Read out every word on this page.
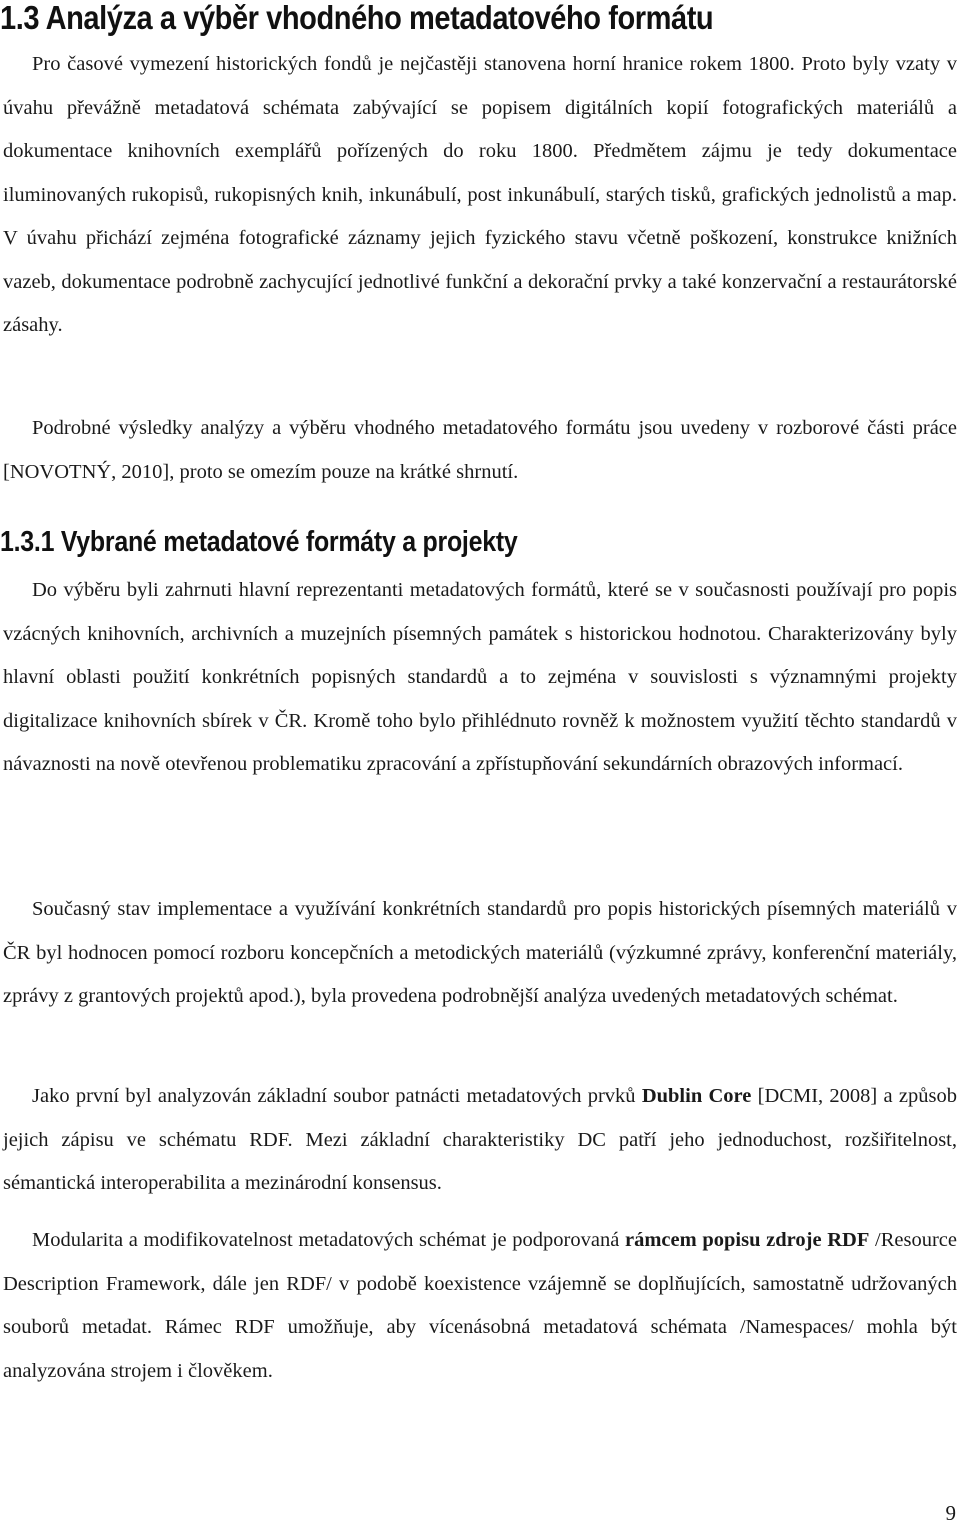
1.3 Analýza a výběr vhodného metadatového formátu

Pro časové vymezení historických fondů je nejčastěji stanovena horní hranice rokem 1800. Proto byly vzaty v úvahu převážně metadatová schémata zabývající se popisem digitálních kopií fotografických materiálů a dokumentace knihovních exemplářů pořízených do roku 1800. Předmětem zájmu je tedy dokumentace iluminovaných rukopisů, rukopisných knih, inkunábulí, post inkunábulí, starých tisků, grafických jednolistů a map. V úvahu přichází zejména fotografické záznamy jejich fyzického stavu včetně poškození, konstrukce knižních vazeb, dokumentace podrobně zachycující jednotlivé funkční a dekorační prvky a také konzervační a restaurátorské zásahy.

Podrobné výsledky analýzy a výběru vhodného metadatového formátu jsou uvedeny v rozborové části práce [NOVOTNÝ, 2010], proto se omezím pouze na krátké shrnutí.

1.3.1 Vybrané metadatové formáty a projekty

Do výběru byli zahrnuti hlavní reprezentanti metadatových formátů, které se v současnosti používají pro popis vzácných knihovních, archivních a muzejních písemných památek s historickou hodnotou. Charakterizovány byly hlavní oblasti použití konkrétních popisných standardů a to zejména v souvislosti s významnými projekty digitalizace knihovních sbírek v ČR. Kromě toho bylo přihlédnuto rovněž k možnostem využití těchto standardů v návaznosti na nově otevřenou problematiku zpracování a zpřístupňování sekundárních obrazových informací.

Současný stav implementace a využívání konkrétních standardů pro popis historických písemných materiálů v ČR byl hodnocen pomocí rozboru koncepčních a metodických materiálů (výzkumné zprávy, konferenční materiály, zprávy z grantových projektů apod.), byla provedena podrobnější analýza uvedených metadatových schémat.

Jako první byl analyzován základní soubor patnácti metadatových prvků Dublin Core [DCMI, 2008] a způsob jejich zápisu ve schématu RDF. Mezi základní charakteristiky DC patří jeho jednoduchost, rozšiřitelnost, sémantická interoperabilita a mezinárodní konsensus.

Modularita a modifikovatelnost metadatových schémat je podporovaná rámcem popisu zdroje RDF /Resource Description Framework, dále jen RDF/ v podobě koexistence vzájemně se doplňujících, samostatně udržovaných souborů metadat. Rámec RDF umožňuje, aby vícenásobná metadatová schémata /Namespaces/ mohla být analyzována strojem i člověkem.

9
